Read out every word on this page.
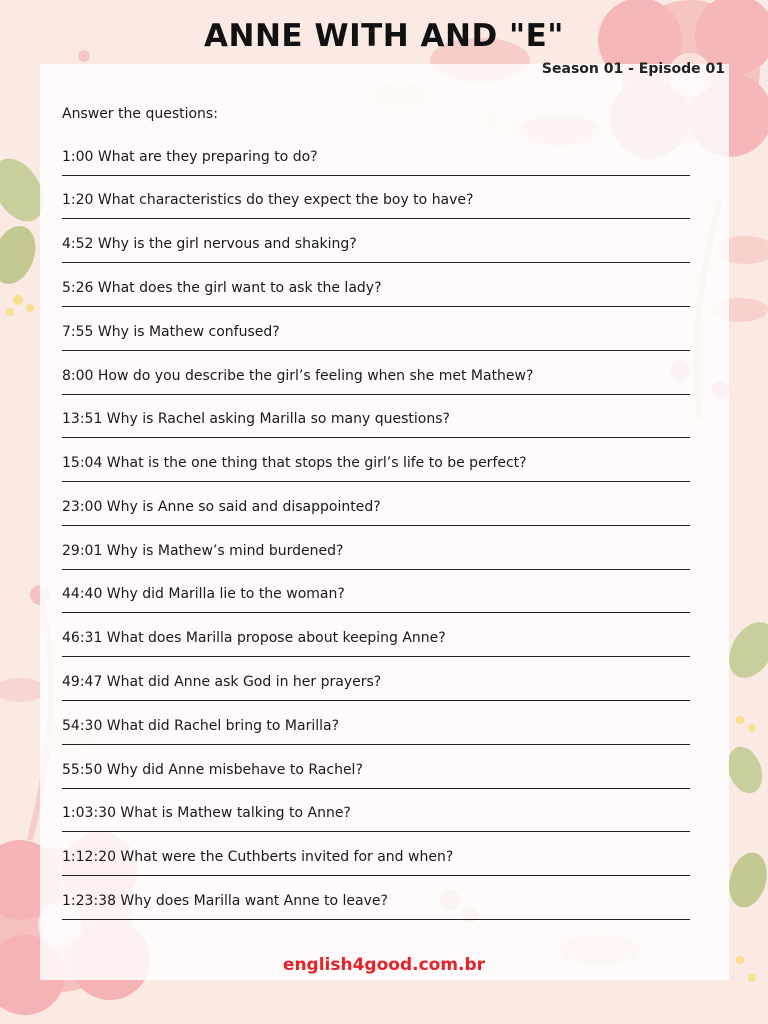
ANNE WITH AND "E"
Season 01 - Episode 01
Answer the questions:
1:00 What are they preparing to do?
1:20 What characteristics do they expect the boy to have?
4:52 Why is the girl nervous and shaking?
5:26 What does the girl want to ask the lady?
7:55 Why is Mathew confused?
8:00 How do you describe the girl’s feeling when she met Mathew?
13:51 Why is Rachel asking Marilla so many questions?
15:04 What is the one thing that stops the girl’s life to be perfect?
23:00 Why is Anne so said and disappointed?
29:01 Why is Mathew’s mind burdened?
44:40 Why did Marilla lie to the woman?
46:31 What does Marilla propose about keeping Anne?
49:47 What did Anne ask God in her prayers?
54:30 What did Rachel bring to Marilla?
55:50 Why did Anne misbehave to Rachel?
1:03:30 What is Mathew talking to Anne?
1:12:20 What were the Cuthberts invited for and when?
1:23:38 Why does Marilla want Anne to leave?
english4good.com.br
